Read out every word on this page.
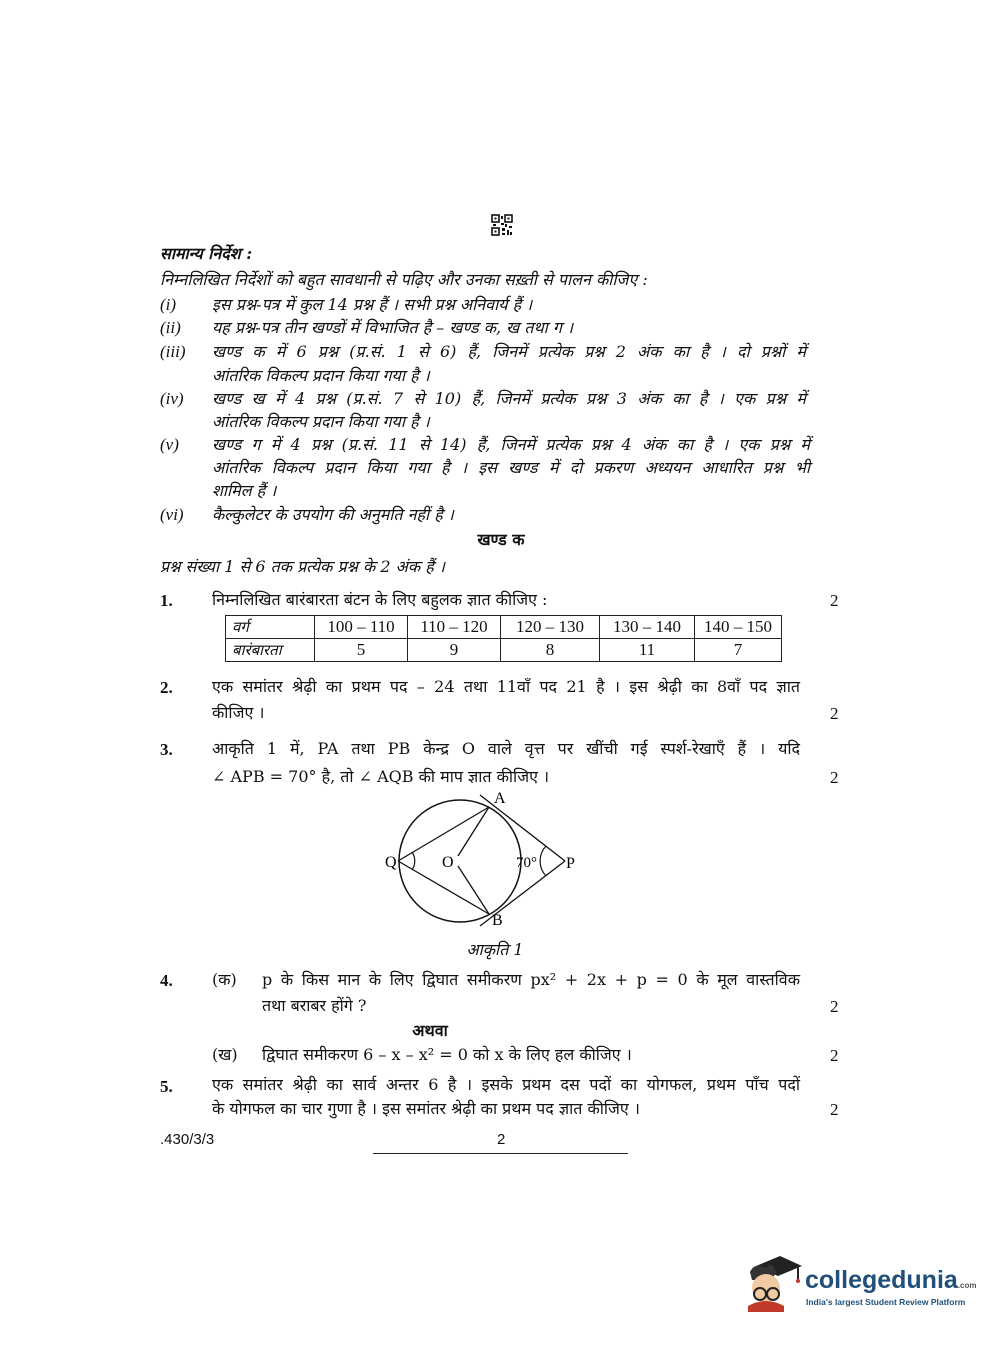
सामान्य निर्देश :
निम्नलिखित निर्देशों को बहुत सावधानी से पढ़िए और उनका सख़्ती से पालन कीजिए :
(i) इस प्रश्न-पत्र में कुल 14 प्रश्न हैं । सभी प्रश्न अनिवार्य हैं ।
(ii) यह प्रश्न-पत्र तीन खण्डों में विभाजित है – खण्ड क, ख तथा ग ।
(iii) खण्ड क में 6 प्रश्न (प्र.सं. 1 से 6) हैं, जिनमें प्रत्येक प्रश्न 2 अंक का है । दो प्रश्नों में
आंतरिक विकल्प प्रदान किया गया है ।
(iv) खण्ड ख में 4 प्रश्न (प्र.सं. 7 से 10) हैं, जिनमें प्रत्येक प्रश्न 3 अंक का है । एक प्रश्न में
आंतरिक विकल्प प्रदान किया गया है ।
(v) खण्ड ग में 4 प्रश्न (प्र.सं. 11 से 14) हैं, जिनमें प्रत्येक प्रश्न 4 अंक का है । एक प्रश्न में
आंतरिक विकल्प प्रदान किया गया है । इस खण्ड में दो प्रकरण अध्ययन आधारित प्रश्न भी
शामिल हैं ।
(vi) कैल्कुलेटर के उपयोग की अनुमति नहीं है ।
खण्ड क
प्रश्न संख्या 1 से 6 तक प्रत्येक प्रश्न के 2 अंक हैं ।
1. निम्नलिखित बारंबारता बंटन के लिए बहुलक ज्ञात कीजिए :	2
वर्ग	100 – 110	110 – 120	120 – 130	130 – 140	140 – 150
बारंबारता	5	9	8	11	7
2. एक समांतर श्रेढ़ी का प्रथम पद – 24 तथा 11वाँ पद 21 है । इस श्रेढ़ी का 8वाँ पद ज्ञात
कीजिए ।	2
3. आकृति 1 में, PA तथा PB केन्द्र O वाले वृत्त पर खींची गई स्पर्श-रेखाएँ हैं । यदि
∠ APB = 70° है, तो ∠ AQB की माप ज्ञात कीजिए ।	2
A
B
O
Q	P
70°
आकृति 1
4. (क) p के किस मान के लिए द्विघात समीकरण px² + 2x + p = 0 के मूल वास्तविक
तथा बराबर होंगे ?	2
अथवा
(ख) द्विघात समीकरण 6 – x – x² = 0 को x के लिए हल कीजिए ।	2
5. एक समांतर श्रेढ़ी का सार्व अन्तर 6 है । इसके प्रथम दस पदों का योगफल, प्रथम पाँच पदों
के योगफल का चार गुणा है । इस समांतर श्रेढ़ी का प्रथम पद ज्ञात कीजिए ।	2
.430/3/3	2
collegedunia.com
India's largest Student Review Platform
